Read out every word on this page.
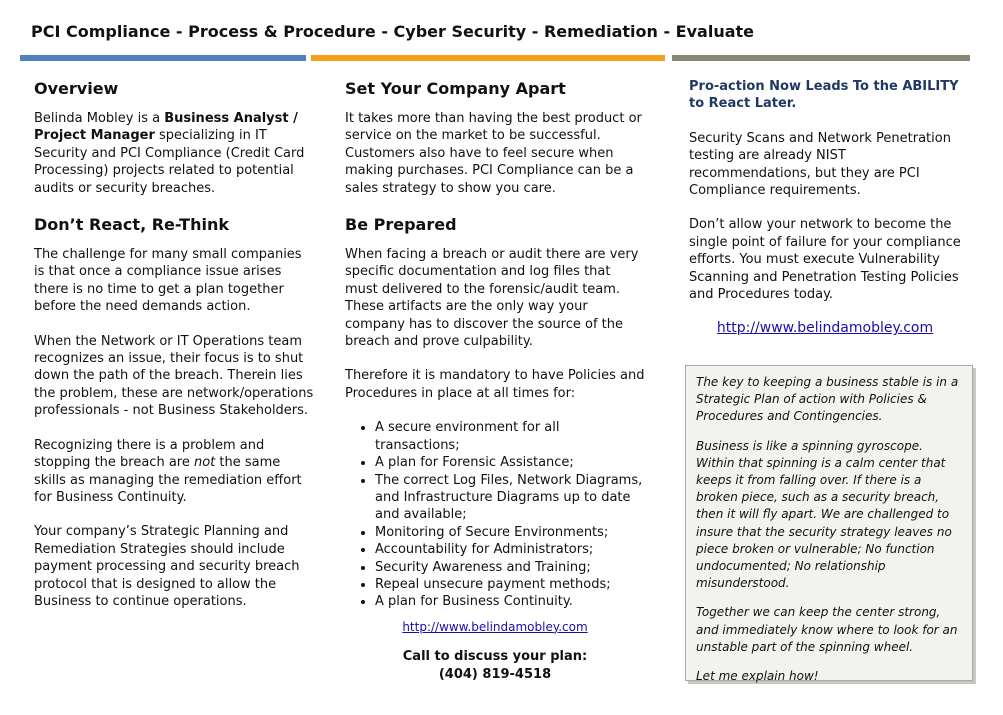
PCI Compliance - Process & Procedure - Cyber Security - Remediation - Evaluate
Overview

Belinda Mobley is a Business Analyst / Project Manager specializing in IT Security and PCI Compliance (Credit Card Processing) projects related to potential audits or security breaches.

Don’t React, Re-Think

The challenge for many small companies is that once a compliance issue arises there is no time to get a plan together before the need demands action.

When the Network or IT Operations team recognizes an issue, their focus is to shut down the path of the breach. Therein lies the problem, these are network/operations professionals - not Business Stakeholders.

Recognizing there is a problem and stopping the breach are not the same skills as managing the remediation effort for Business Continuity.

Your company’s Strategic Planning and Remediation Strategies should include payment processing and security breach protocol that is designed to allow the Business to continue operations.

Set Your Company Apart

It takes more than having the best product or service on the market to be successful. Customers also have to feel secure when making purchases. PCI Compliance can be a sales strategy to show you care.

Be Prepared

When facing a breach or audit there are very specific documentation and log files that must delivered to the forensic/audit team. These artifacts are the only way your company has to discover the source of the breach and prove culpability.

Therefore it is mandatory to have Policies and Procedures in place at all times for:

• A secure environment for all transactions;
• A plan for Forensic Assistance;
• The correct Log Files, Network Diagrams, and Infrastructure Diagrams up to date and available;
• Monitoring of Secure Environments;
• Accountability for Administrators;
• Security Awareness and Training;
• Repeal unsecure payment methods;
• A plan for Business Continuity.
http://www.belindamobley.com
Call to discuss your plan:
(404) 819-4518

Pro-action Now Leads To the ABILITY to React Later.

Security Scans and Network Penetration testing are already NIST recommendations, but they are PCI Compliance requirements.

Don’t allow your network to become the single point of failure for your compliance efforts. You must execute Vulnerability Scanning and Penetration Testing Policies and Procedures today.

http://www.belindamobley.com

The key to keeping a business stable is in a Strategic Plan of action with Policies & Procedures and Contingencies.

Business is like a spinning gyroscope. Within that spinning is a calm center that keeps it from falling over. If there is a broken piece, such as a security breach, then it will fly apart. We are challenged to insure that the security strategy leaves no piece broken or vulnerable; No function undocumented; No relationship misunderstood.

Together we can keep the center strong, and immediately know where to look for an unstable part of the spinning wheel.

Let me explain how!
